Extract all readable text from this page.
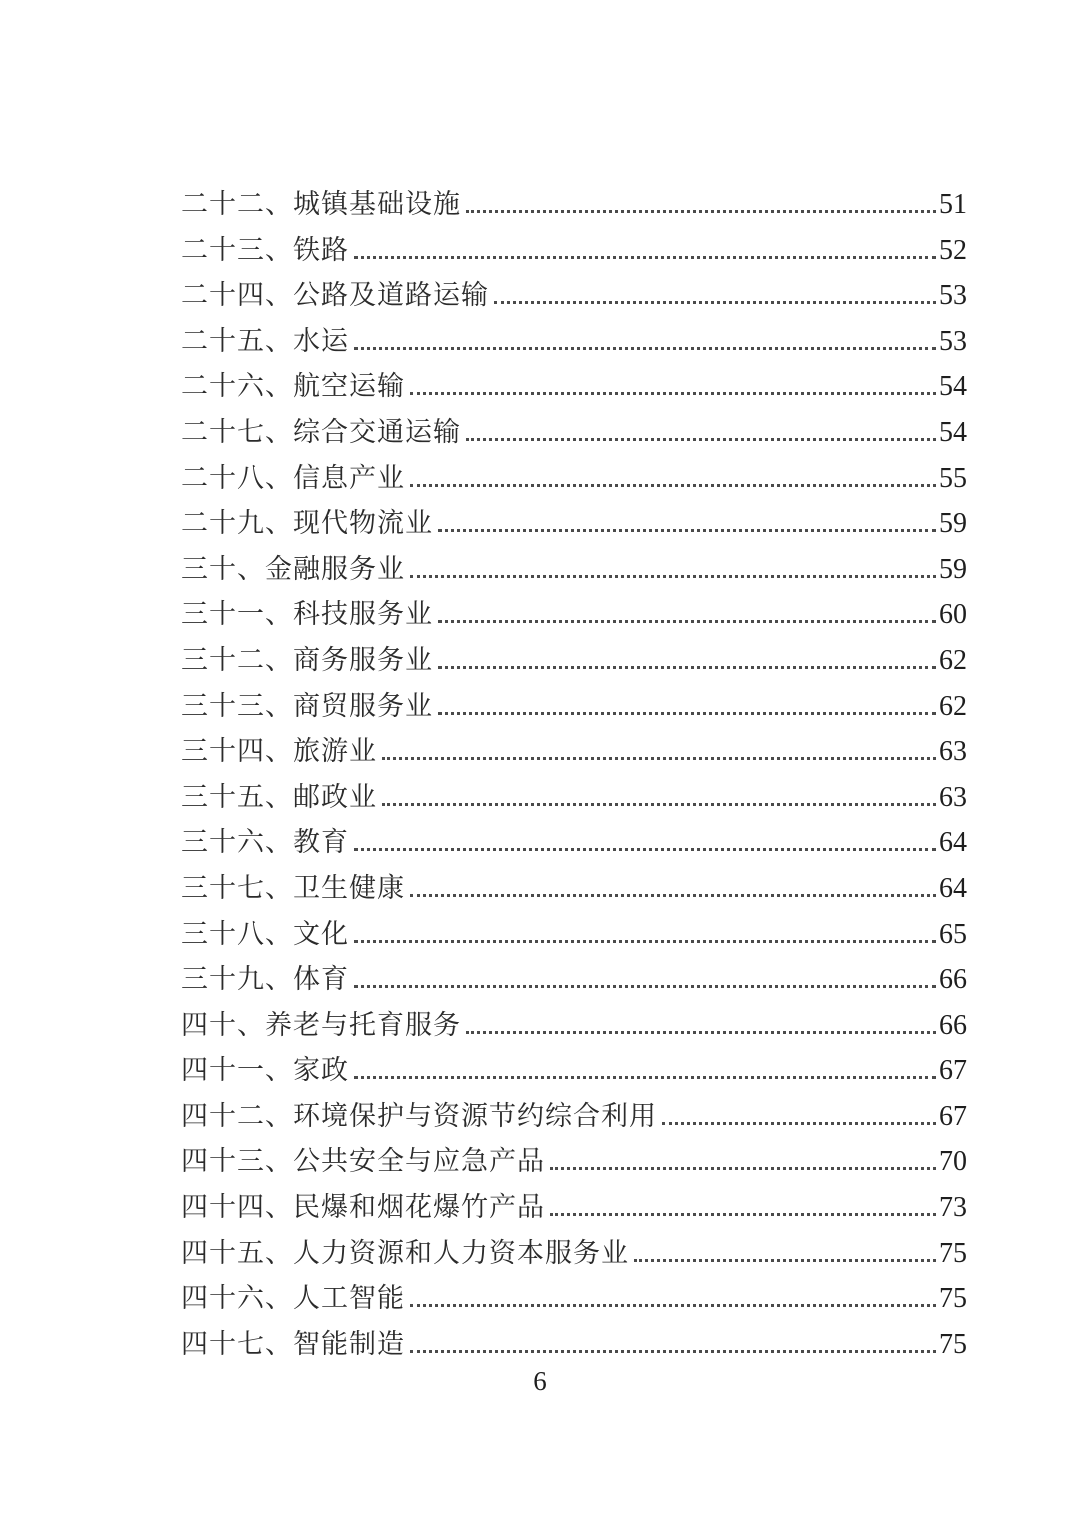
二十二、城镇基础设施	51
二十三、铁路	52
二十四、公路及道路运输	53
二十五、水运	53
二十六、航空运输	54
二十七、综合交通运输	54
二十八、信息产业	55
二十九、现代物流业	59
三十、金融服务业	59
三十一、科技服务业	60
三十二、商务服务业	62
三十三、商贸服务业	62
三十四、旅游业	63
三十五、邮政业	63
三十六、教育	64
三十七、卫生健康	64
三十八、文化	65
三十九、体育	66
四十、养老与托育服务	66
四十一、家政	67
四十二、环境保护与资源节约综合利用	67
四十三、公共安全与应急产品	70
四十四、民爆和烟花爆竹产品	73
四十五、人力资源和人力资本服务业	75
四十六、人工智能	75
四十七、智能制造	75
6
